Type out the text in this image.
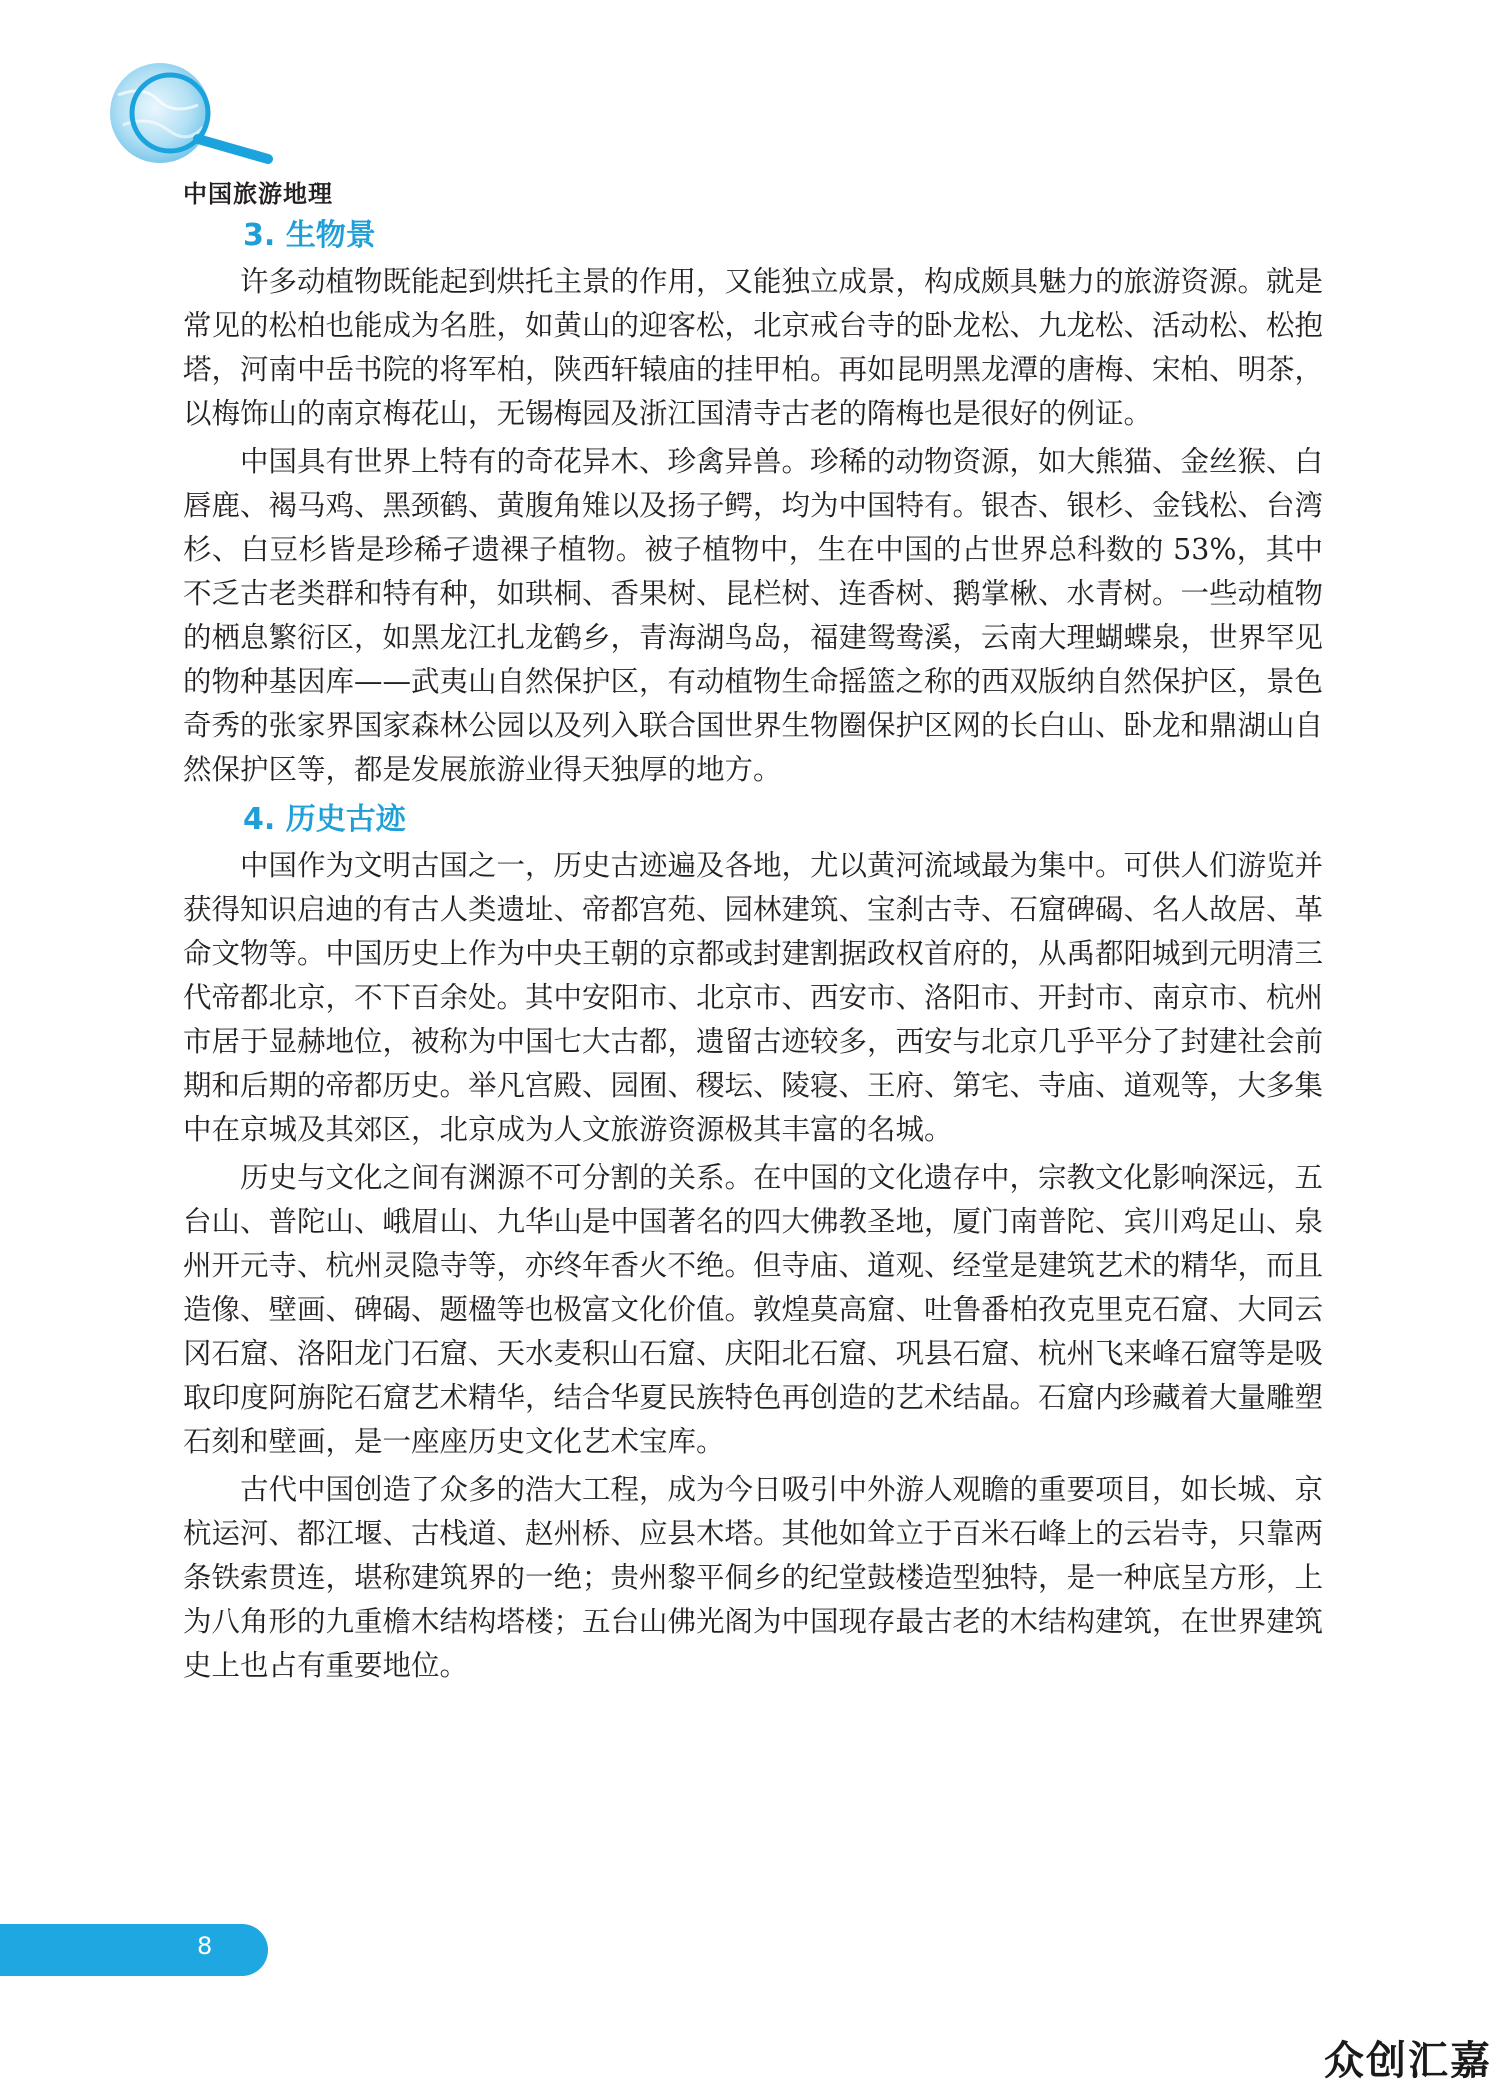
中国旅游地理
3. 生物景

许多动植物既能起到烘托主景的作用，又能独立成景，构成颇具魅力的旅游资源。就是常见的松柏也能成为名胜，如黄山的迎客松，北京戒台寺的卧龙松、九龙松、活动松、松抱塔，河南中岳书院的将军柏，陕西轩辕庙的挂甲柏。再如昆明黑龙潭的唐梅、宋柏、明茶，以梅饰山的南京梅花山，无锡梅园及浙江国清寺古老的隋梅也是很好的例证。

中国具有世界上特有的奇花异木、珍禽异兽。珍稀的动物资源，如大熊猫、金丝猴、白唇鹿、褐马鸡、黑颈鹤、黄腹角雉以及扬子鳄，均为中国特有。银杏、银杉、金钱松、台湾杉、白豆杉皆是珍稀孑遗裸子植物。被子植物中，生在中国的占世界总科数的 53%，其中不乏古老类群和特有种，如珙桐、香果树、昆栏树、连香树、鹅掌楸、水青树。一些动植物的栖息繁衍区，如黑龙江扎龙鹤乡，青海湖鸟岛，福建鸳鸯溪，云南大理蝴蝶泉，世界罕见的物种基因库——武夷山自然保护区，有动植物生命摇篮之称的西双版纳自然保护区，景色奇秀的张家界国家森林公园以及列入联合国世界生物圈保护区网的长白山、卧龙和鼎湖山自然保护区等，都是发展旅游业得天独厚的地方。

4. 历史古迹

中国作为文明古国之一，历史古迹遍及各地，尤以黄河流域最为集中。可供人们游览并获得知识启迪的有古人类遗址、帝都宫苑、园林建筑、宝刹古寺、石窟碑碣、名人故居、革命文物等。中国历史上作为中央王朝的京都或封建割据政权首府的，从禹都阳城到元明清三代帝都北京，不下百余处。其中安阳市、北京市、西安市、洛阳市、开封市、南京市、杭州市居于显赫地位，被称为中国七大古都，遗留古迹较多，西安与北京几乎平分了封建社会前期和后期的帝都历史。举凡宫殿、园囿、稷坛、陵寝、王府、第宅、寺庙、道观等，大多集中在京城及其郊区，北京成为人文旅游资源极其丰富的名城。

历史与文化之间有渊源不可分割的关系。在中国的文化遗存中，宗教文化影响深远，五台山、普陀山、峨眉山、九华山是中国著名的四大佛教圣地，厦门南普陀、宾川鸡足山、泉州开元寺、杭州灵隐寺等，亦终年香火不绝。但寺庙、道观、经堂是建筑艺术的精华，而且造像、壁画、碑碣、题楹等也极富文化价值。敦煌莫高窟、吐鲁番柏孜克里克石窟、大同云冈石窟、洛阳龙门石窟、天水麦积山石窟、庆阳北石窟、巩县石窟、杭州飞来峰石窟等是吸取印度阿旃陀石窟艺术精华，结合华夏民族特色再创造的艺术结晶。石窟内珍藏着大量雕塑石刻和壁画，是一座座历史文化艺术宝库。

古代中国创造了众多的浩大工程，成为今日吸引中外游人观瞻的重要项目，如长城、京杭运河、都江堰、古栈道、赵州桥、应县木塔。其他如耸立于百米石峰上的云岩寺，只靠两条铁索贯连，堪称建筑界的一绝；贵州黎平侗乡的纪堂鼓楼造型独特，是一种底呈方形，上为八角形的九重檐木结构塔楼；五台山佛光阁为中国现存最古老的木结构建筑，在世界建筑史上也占有重要地位。

8
众创汇嘉
